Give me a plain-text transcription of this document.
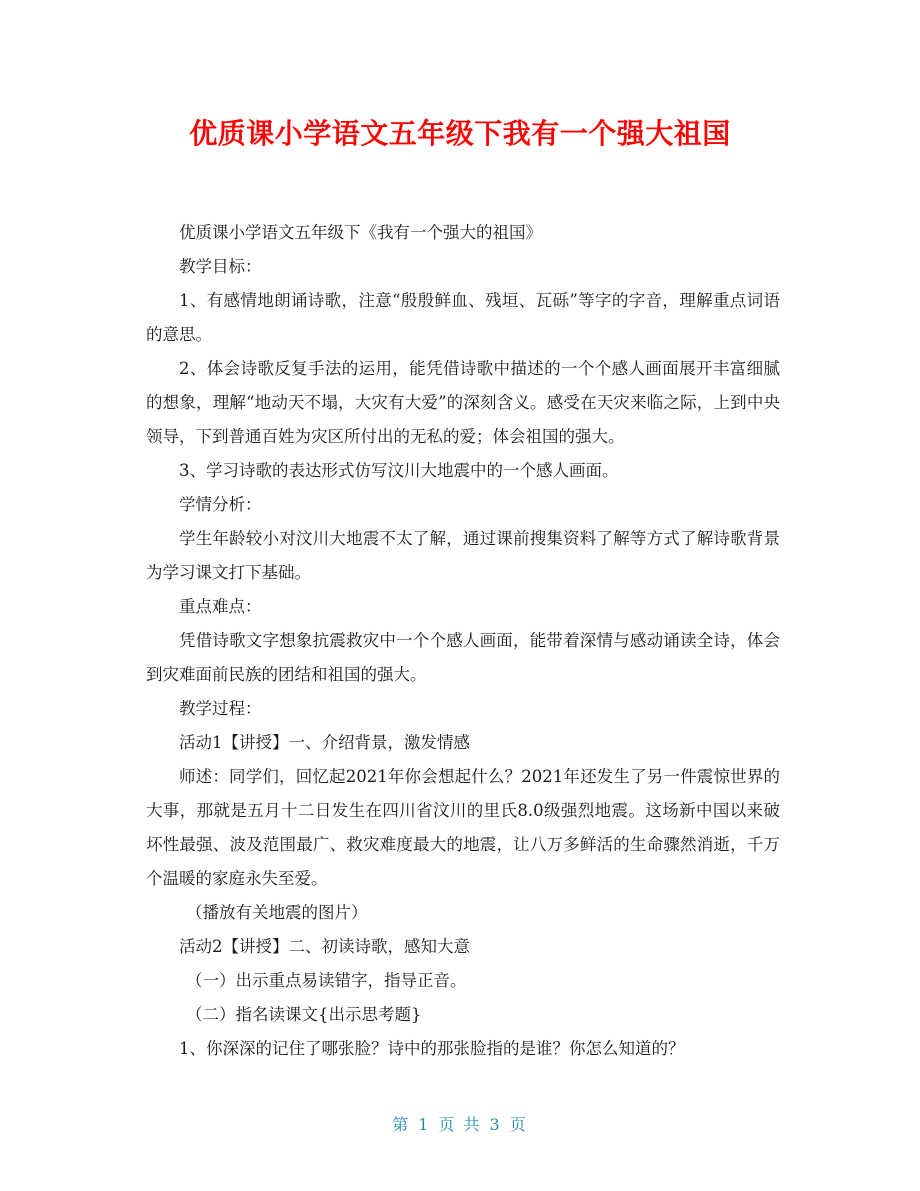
优质课小学语文五年级下我有一个强大祖国

优质课小学语文五年级下《我有一个强大的祖国》

教学目标：

1、有感情地朗诵诗歌，注意“殷殷鲜血、残垣、瓦砾”等字的字音，理解重点词语的意思。

2、体会诗歌反复手法的运用，能凭借诗歌中描述的一个个感人画面展开丰富细腻的想象，理解“地动天不塌，大灾有大爱”的深刻含义。感受在天灾来临之际，上到中央领导，下到普通百姓为灾区所付出的无私的爱；体会祖国的强大。

3、学习诗歌的表达形式仿写汶川大地震中的一个感人画面。

学情分析：

学生年龄较小对汶川大地震不太了解，通过课前搜集资料了解等方式了解诗歌背景为学习课文打下基础。

重点难点：

凭借诗歌文字想象抗震救灾中一个个感人画面，能带着深情与感动诵读全诗，体会到灾难面前民族的团结和祖国的强大。

教学过程：

活动1【讲授】一、介绍背景，激发情感

师述：同学们，回忆起2021年你会想起什么？2021年还发生了另一件震惊世界的大事，那就是五月十二日发生在四川省汶川的里氏8.0级强烈地震。这场新中国以来破坏性最强、波及范围最广、救灾难度最大的地震，让八万多鲜活的生命骤然消逝，千万个温暖的家庭永失至爱。

（播放有关地震的图片）

活动2【讲授】二、初读诗歌，感知大意

（一）出示重点易读错字，指导正音。

（二）指名读课文{出示思考题}

1、你深深的记住了哪张脸？诗中的那张脸指的是谁？你怎么知道的？

第 1 页 共 3 页
